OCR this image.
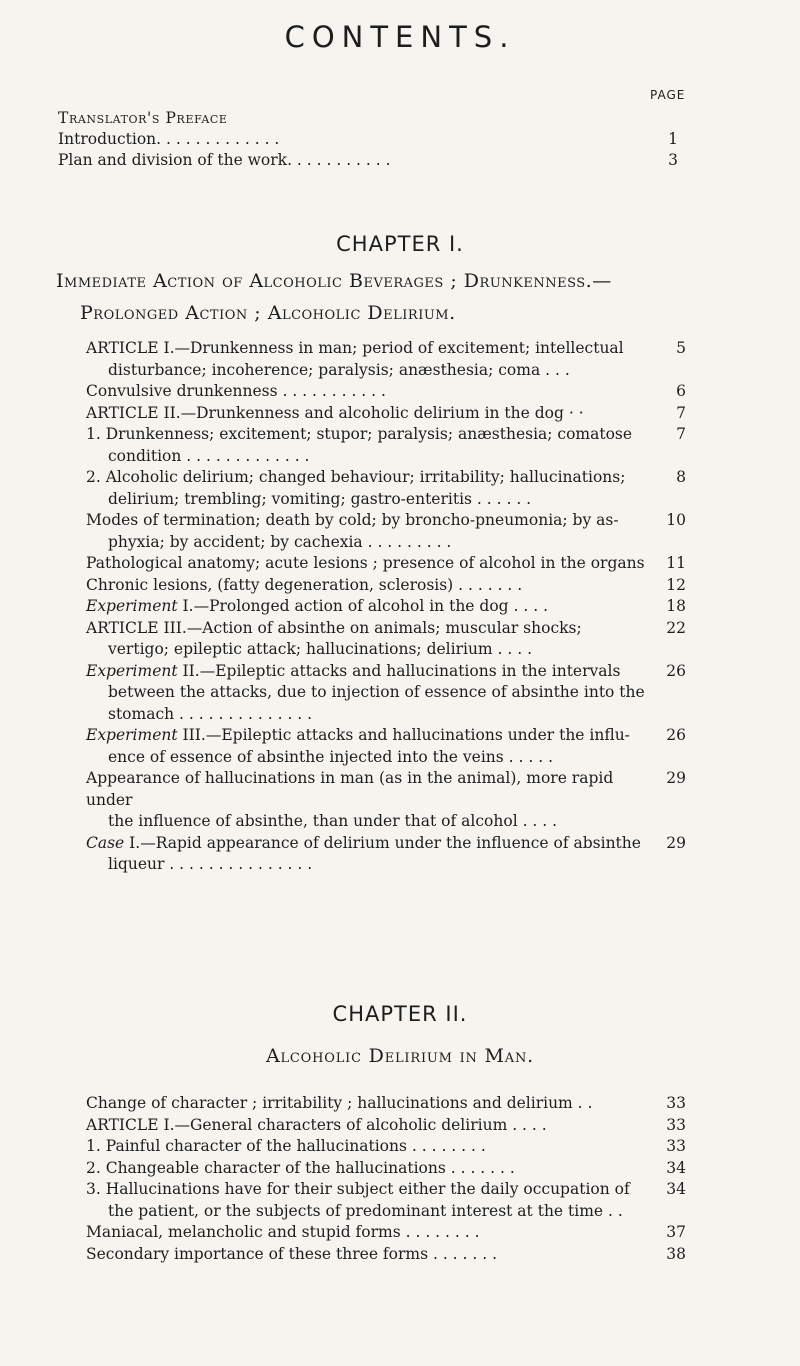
CONTENTS.
PAGE
Translator's Preface
Introduction . . . . . . . . . . . . .	1
Plan and division of the work . . . . . . . . . . .	3
CHAPTER I.
Immediate Action of Alcoholic Beverages ; Drunkenness.—
Prolonged Action ; Alcoholic Delirium.
ARTICLE I.—Drunkenness in man; period of excitement; intellectual
disturbance; incoherence; paralysis; anæsthesia; coma . . .
5
Convulsive drunkenness . . . . . . . . . . .	6
ARTICLE II.—Drunkenness and alcoholic delirium in the dog · ·	7
1. Drunkenness; excitement; stupor; paralysis; anæsthesia; comatose
condition . . . . . . . . . . . . .
7
2. Alcoholic delirium; changed behaviour; irritability; hallucinations;
delirium; trembling; vomiting; gastro-enteritis . . . . . .
8
Modes of termination; death by cold; by broncho-pneumonia; by as-
phyxia; by accident; by cachexia . . . . . . . . .
10
Pathological anatomy; acute lesions ; presence of alcohol in the organs	11
Chronic lesions, (fatty degeneration, sclerosis) . . . . . . .	12
Experiment I.—Prolonged action of alcohol in the dog . . . .	18
ARTICLE III.—Action of absinthe on animals; muscular shocks;
vertigo; epileptic attack; hallucinations; delirium . . . .
22
Experiment II.—Epileptic attacks and hallucinations in the intervals
between the attacks, due to injection of essence of absinthe into the
stomach . . . . . . . . . . . . . .
26
Experiment III.—Epileptic attacks and hallucinations under the influ-
ence of essence of absinthe injected into the veins . . . . .
26
Appearance of hallucinations in man (as in the animal), more rapid under
the influence of absinthe, than under that of alcohol . . . .
29
Case I.—Rapid appearance of delirium under the influence of absinthe
liqueur . . . . . . . . . . . . . . .
29
CHAPTER II.
Alcoholic Delirium in Man.
Change of character ; irritability ; hallucinations and delirium . .	33
ARTICLE I.—General characters of alcoholic delirium . . . .	33
1. Painful character of the hallucinations . . . . . . . .	33
2. Changeable character of the hallucinations . . . . . . .	34
3. Hallucinations have for their subject either the daily occupation of
the patient, or the subjects of predominant interest at the time . .
34
Maniacal, melancholic and stupid forms . . . . . . . .	37
Secondary importance of these three forms . . . . . . .	38
